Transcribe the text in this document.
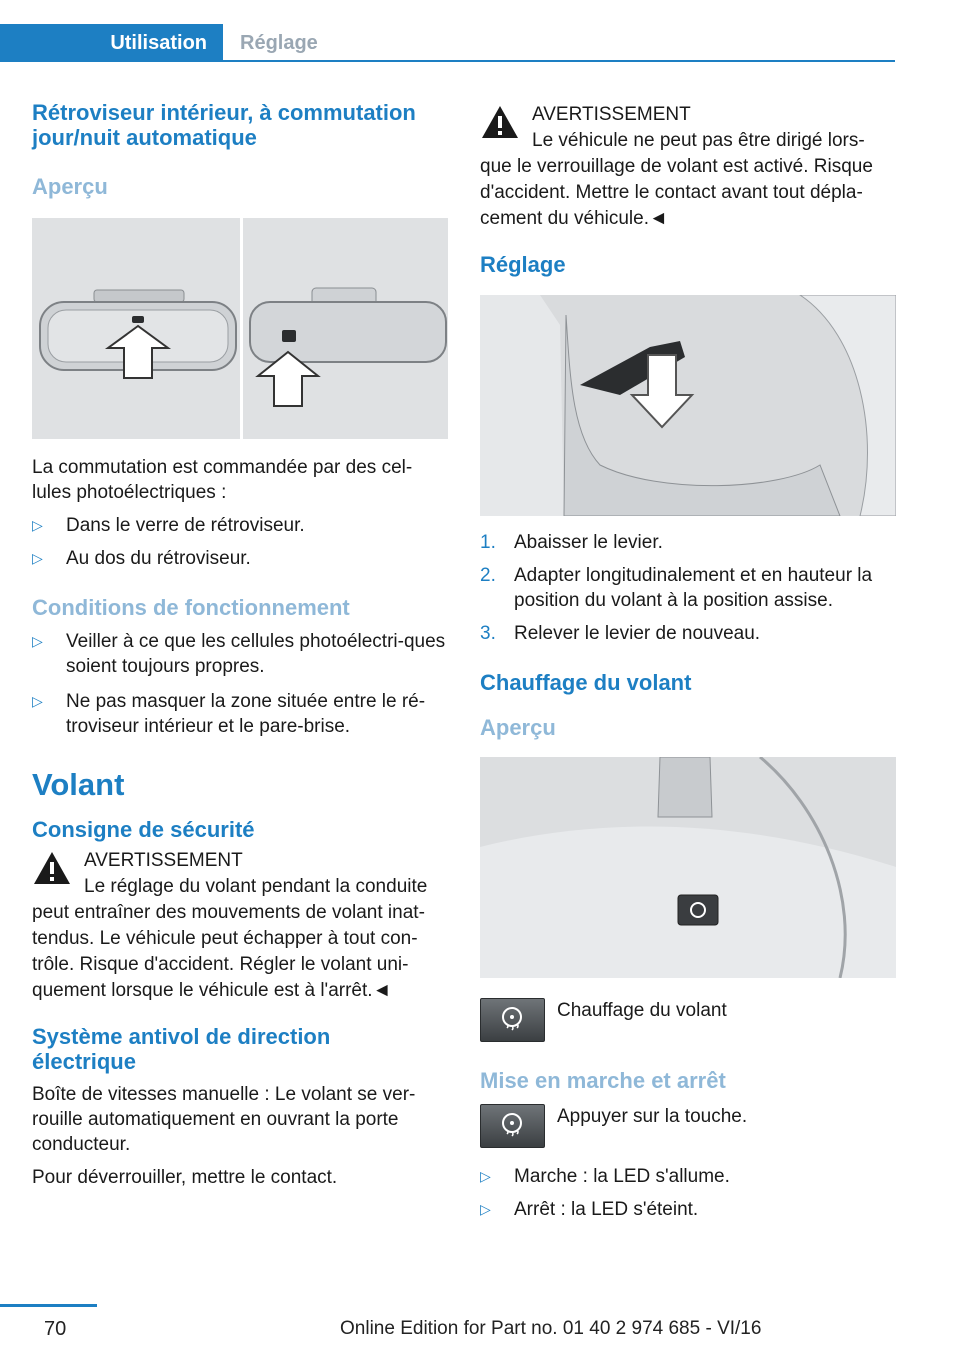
Utilisation	Réglage
Rétroviseur intérieur, à commutation jour/nuit automatique
Aperçu

La commutation est commandée par des cel-lules photoélectriques :

▷ Dans le verre de rétroviseur.
▷ Au dos du rétroviseur.
Conditions de fonctionnement
▷ Veiller à ce que les cellules photoélectri-ques soient toujours propres.
▷ Ne pas masquer la zone située entre le ré-troviseur intérieur et le pare-brise.
Volant
Consigne de sécurité
AVERTISSEMENT
Le réglage du volant pendant la conduite peut entraîner des mouvements de volant inat-tendus. Le véhicule peut échapper à tout con-trôle. Risque d'accident. Régler le volant uni-quement lorsque le véhicule est à l'arrêt.◄
Système antivol de direction électrique

Boîte de vitesses manuelle : Le volant se ver-rouille automatiquement en ouvrant la porte conducteur.

Pour déverrouiller, mettre le contact.

AVERTISSEMENT
Le véhicule ne peut pas être dirigé lors-que le verrouillage de volant est activé. Risque d'accident. Mettre le contact avant tout dépla-cement du véhicule.◄
Réglage
1. Abaisser le levier.
2. Adapter longitudinalement et en hauteur la position du volant à la position assise.
3. Relever le levier de nouveau.
Chauffage du volant
Aperçu

Chauffage du volant

Mise en marche et arrêt

Appuyer sur la touche.

▷ Marche : la LED s'allume.
▷ Arrêt : la LED s'éteint.
70	Online Edition for Part no. 01 40 2 974 685 - VI/16
